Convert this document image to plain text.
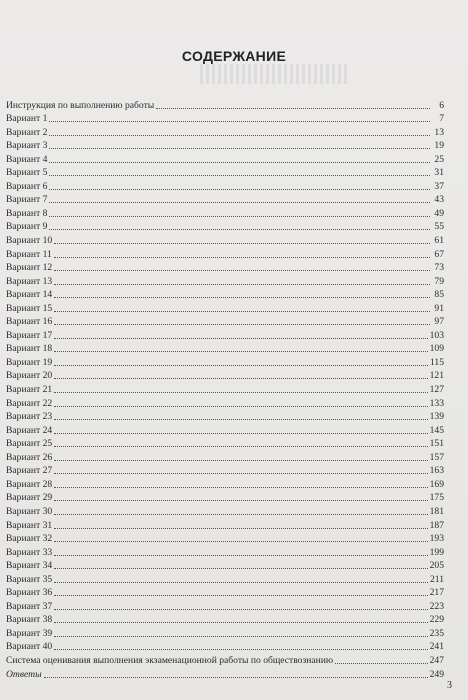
СОДЕРЖАНИЕ
Инструкция по выполнению работы	6
Вариант 1	7
Вариант 2	13
Вариант 3	19
Вариант 4	25
Вариант 5	31
Вариант 6	37
Вариант 7	43
Вариант 8	49
Вариант 9	55
Вариант 10	61
Вариант 11	67
Вариант 12	73
Вариант 13	79
Вариант 14	85
Вариант 15	91
Вариант 16	97
Вариант 17	103
Вариант 18	109
Вариант 19	115
Вариант 20	121
Вариант 21	127
Вариант 22	133
Вариант 23	139
Вариант 24	145
Вариант 25	151
Вариант 26	157
Вариант 27	163
Вариант 28	169
Вариант 29	175
Вариант 30	181
Вариант 31	187
Вариант 32	193
Вариант 33	199
Вариант 34	205
Вариант 35	211
Вариант 36	217
Вариант 37	223
Вариант 38	229
Вариант 39	235
Вариант 40	241
Система оценивания выполнения экзаменационной работы по обществознанию	247
Ответы	249
3
